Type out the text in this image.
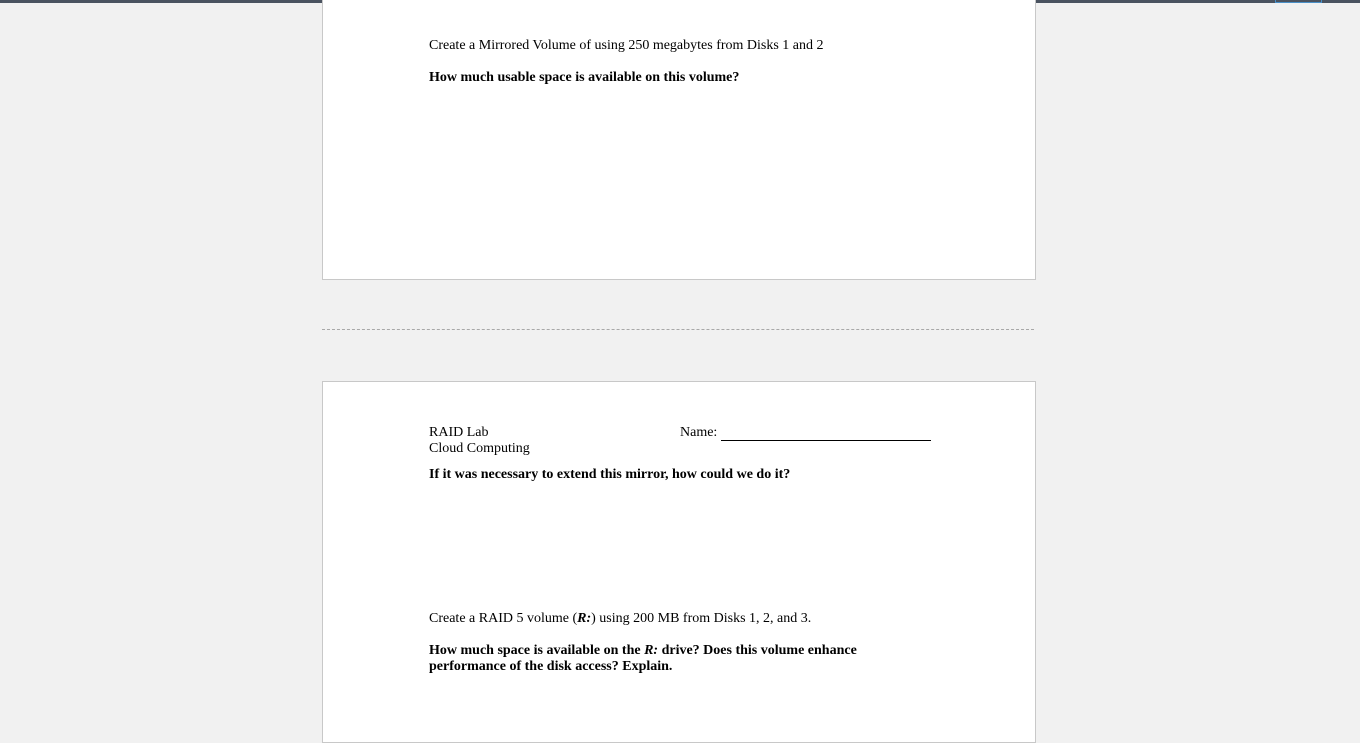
Create a Mirrored Volume of using 250 megabytes from Disks 1 and 2
How much usable space is available on this volume?
RAID Lab
Cloud Computing
Name:
If it was necessary to extend this mirror, how could we do it?
Create a RAID 5 volume (R:) using 200 MB from Disks 1, 2, and 3.
How much space is available on the R: drive? Does this volume enhance
performance of the disk access? Explain.
